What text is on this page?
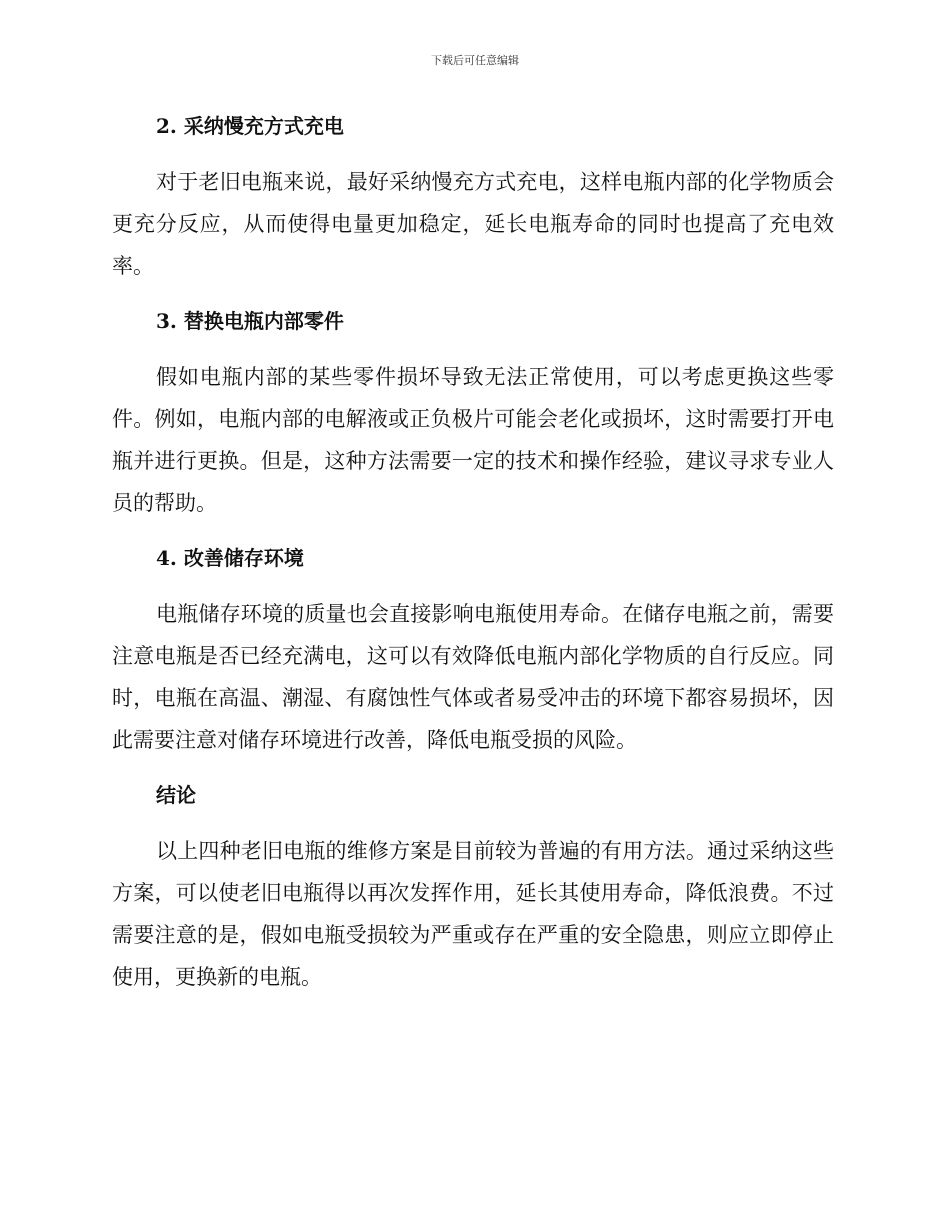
下载后可任意编辑
2. 采纳慢充方式充电

对于老旧电瓶来说，最好采纳慢充方式充电，这样电瓶内部的化学物质会更充分反应，从而使得电量更加稳定，延长电瓶寿命的同时也提高了充电效率。

3. 替换电瓶内部零件

假如电瓶内部的某些零件损坏导致无法正常使用，可以考虑更换这些零件。例如，电瓶内部的电解液或正负极片可能会老化或损坏，这时需要打开电瓶并进行更换。但是，这种方法需要一定的技术和操作经验，建议寻求专业人员的帮助。

4. 改善储存环境

电瓶储存环境的质量也会直接影响电瓶使用寿命。在储存电瓶之前，需要注意电瓶是否已经充满电，这可以有效降低电瓶内部化学物质的自行反应。同时，电瓶在高温、潮湿、有腐蚀性气体或者易受冲击的环境下都容易损坏，因此需要注意对储存环境进行改善，降低电瓶受损的风险。

结论

以上四种老旧电瓶的维修方案是目前较为普遍的有用方法。通过采纳这些方案，可以使老旧电瓶得以再次发挥作用，延长其使用寿命，降低浪费。不过需要注意的是，假如电瓶受损较为严重或存在严重的安全隐患，则应立即停止使用，更换新的电瓶。
